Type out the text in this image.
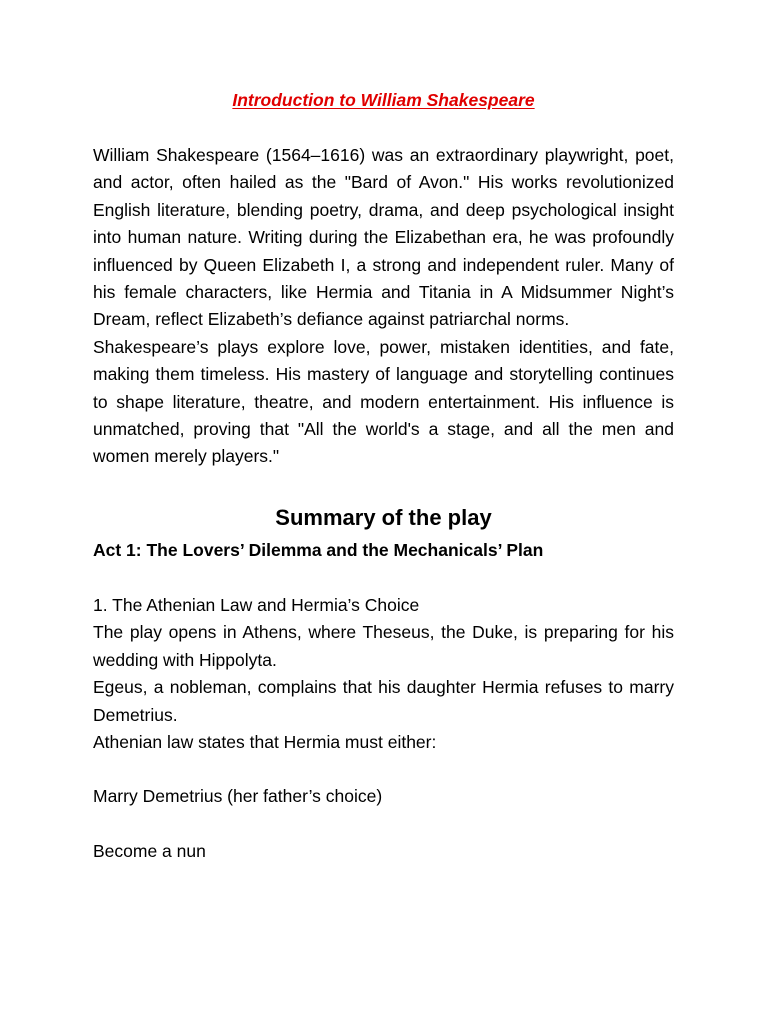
Introduction to William Shakespeare

William Shakespeare (1564–1616) was an extraordinary playwright, poet, and actor, often hailed as the "Bard of Avon." His works revolutionized English literature, blending poetry, drama, and deep psychological insight into human nature. Writing during the Elizabethan era, he was profoundly influenced by Queen Elizabeth I, a strong and independent ruler. Many of his female characters, like Hermia and Titania in A Midsummer Night’s Dream, reflect Elizabeth’s defiance against patriarchal norms.

Shakespeare’s plays explore love, power, mistaken identities, and fate, making them timeless. His mastery of language and storytelling continues to shape literature, theatre, and modern entertainment. His influence is unmatched, proving that "All the world's a stage, and all the men and women merely players."

Summary of the play
Act 1: The Lovers’ Dilemma and the Mechanicals’ Plan

1. The Athenian Law and Hermia’s Choice

The play opens in Athens, where Theseus, the Duke, is preparing for his wedding with Hippolyta.

Egeus, a nobleman, complains that his daughter Hermia refuses to marry Demetrius.

Athenian law states that Hermia must either:

Marry Demetrius (her father’s choice)

Become a nun
